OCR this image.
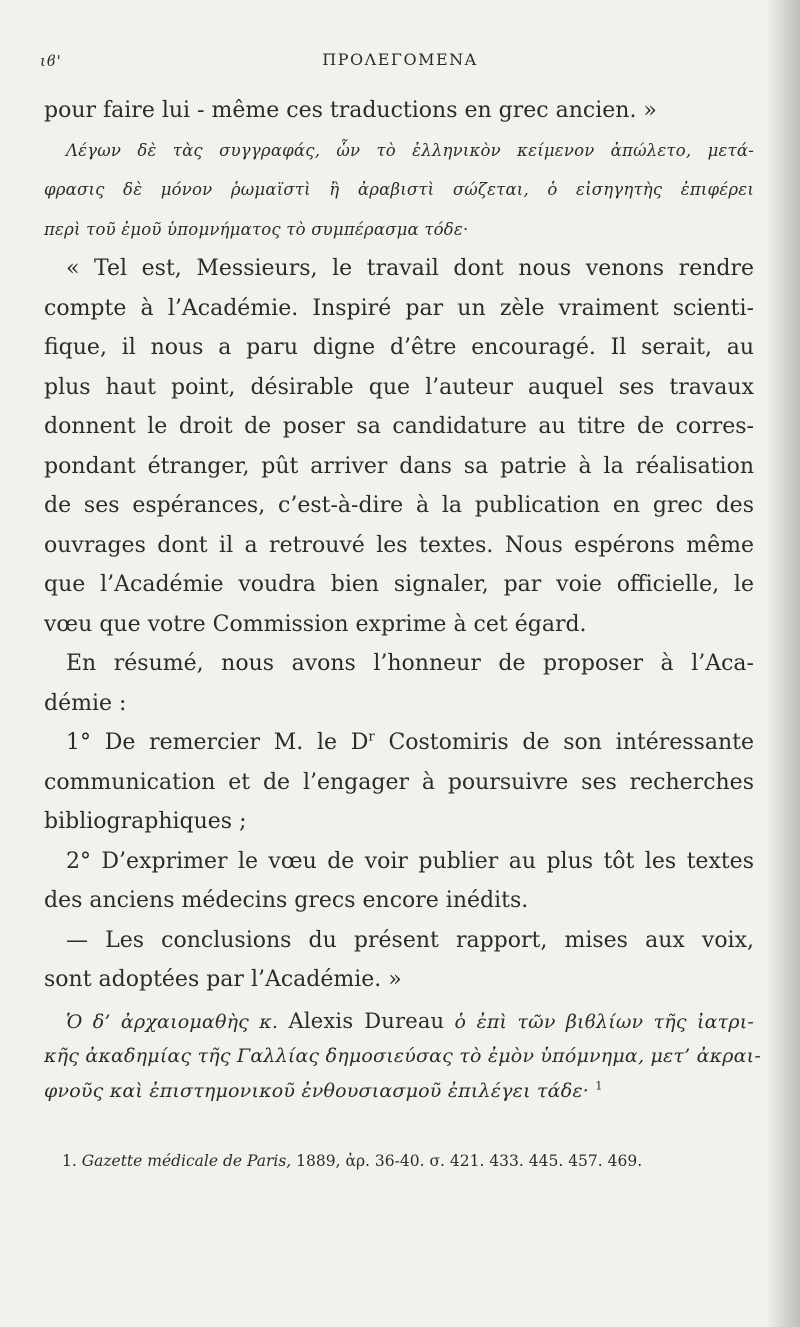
ιϐ'	ΠΡΟΛΕΓΟΜΕΝΑ
pour faire lui - même ces traductions en grec ancien. »
Λέγων δὲ τὰς συγγραφάς, ὧν τὸ ἑλληνικὸν κείμενον ἀπώλετο, μετά-
φρασις δὲ μόνον ῥωμαϊστὶ ἢ ἀραβιστὶ σώζεται, ὁ εἰσηγητὴς ἐπιφέρει
περὶ τοῦ ἐμοῦ ὑπομνήματος τὸ συμπέρασμα τόδε·
« Tel est, Messieurs, le travail dont nous venons rendre
compte à l’Académie. Inspiré par un zèle vraiment scienti-
fique, il nous a paru digne d’être encouragé. Il serait, au
plus haut point, désirable que l’auteur auquel ses travaux
donnent le droit de poser sa candidature au titre de corres-
pondant étranger, pût arriver dans sa patrie à la réalisation
de ses espérances, c’est-à-dire à la publication en grec des
ouvrages dont il a retrouvé les textes. Nous espérons même
que l’Académie voudra bien signaler, par voie officielle, le
vœu que votre Commission exprime à cet égard.
En résumé, nous avons l’honneur de proposer à l’Aca-
démie :
1° De remercier M. le $D^r$ Costomiris de son intéressante
communication et de l’engager à poursuivre ses recherches
bibliographiques ;
2° D’exprimer le vœu de voir publier au plus tôt les textes
des anciens médecins grecs encore inédits.
— Les conclusions du présent rapport, mises aux voix,
sont adoptées par l’Académie. »
Ὁ δ’ ἀρχαιομαθὴς κ. Alexis Dureau ὁ ἐπὶ τῶν βιϐλίων τῆς ἰατρι-
κῆς ἀκαδημίας τῆς Γαλλίας δημοσιεύσας τὸ ἐμὸν ὑπόμνημα, μετ’ ἀκραι-
φνοῦς καὶ ἐπιστημονικοῦ ἐνθουσιασμοῦ ἐπιλέγει τάδε· $^1$
1. Gazette médicale de Paris, 1889, ἀρ. 36-40. σ. 421. 433. 445. 457. 469.
